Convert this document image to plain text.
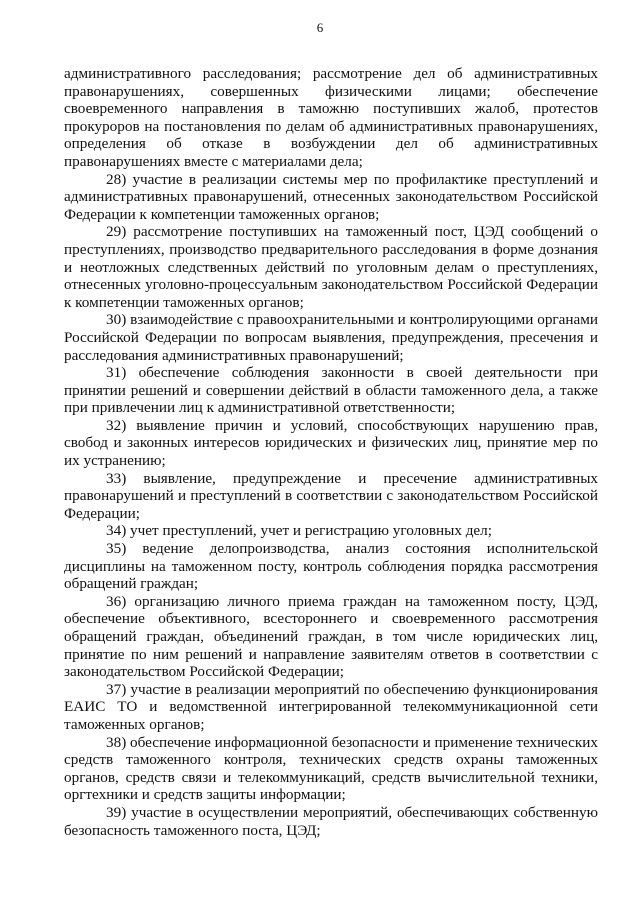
6

административного расследования; рассмотрение дел об административных правонарушениях, совершенных физическими лицами; обеспечение своевременного направления в таможню поступивших жалоб, протестов прокуроров на постановления по делам об административных правонарушениях, определения об отказе в возбуждении дел об административных правонарушениях вместе с материалами дела;

28) участие в реализации системы мер по профилактике преступлений и административных правонарушений, отнесенных законодательством Российской Федерации к компетенции таможенных органов;

29) рассмотрение поступивших на таможенный пост, ЦЭД сообщений о преступлениях, производство предварительного расследования в форме дознания и неотложных следственных действий по уголовным делам о преступлениях, отнесенных уголовно-процессуальным законодательством Российской Федерации к компетенции таможенных органов;

30) взаимодействие с правоохранительными и контролирующими органами Российской Федерации по вопросам выявления, предупреждения, пресечения и расследования административных правонарушений;

31) обеспечение соблюдения законности в своей деятельности при принятии решений и совершении действий в области таможенного дела, а также при привлечении лиц к административной ответственности;

32) выявление причин и условий, способствующих нарушению прав, свобод и законных интересов юридических и физических лиц, принятие мер по их устранению;

33) выявление, предупреждение и пресечение административных правонарушений и преступлений в соответствии с законодательством Российской Федерации;

34) учет преступлений, учет и регистрацию уголовных дел;

35) ведение делопроизводства, анализ состояния исполнительской дисциплины на таможенном посту, контроль соблюдения порядка рассмотрения обращений граждан;

36) организацию личного приема граждан на таможенном посту, ЦЭД, обеспечение объективного, всестороннего и своевременного рассмотрения обращений граждан, объединений граждан, в том числе юридических лиц, принятие по ним решений и направление заявителям ответов в соответствии с законодательством Российской Федерации;

37) участие в реализации мероприятий по обеспечению функционирования ЕАИС ТО и ведомственной интегрированной телекоммуникационной сети таможенных органов;

38) обеспечение информационной безопасности и применение технических средств таможенного контроля, технических средств охраны таможенных органов, средств связи и телекоммуникаций, средств вычислительной техники, оргтехники и средств защиты информации;

39) участие в осуществлении мероприятий, обеспечивающих собственную безопасность таможенного поста, ЦЭД;
